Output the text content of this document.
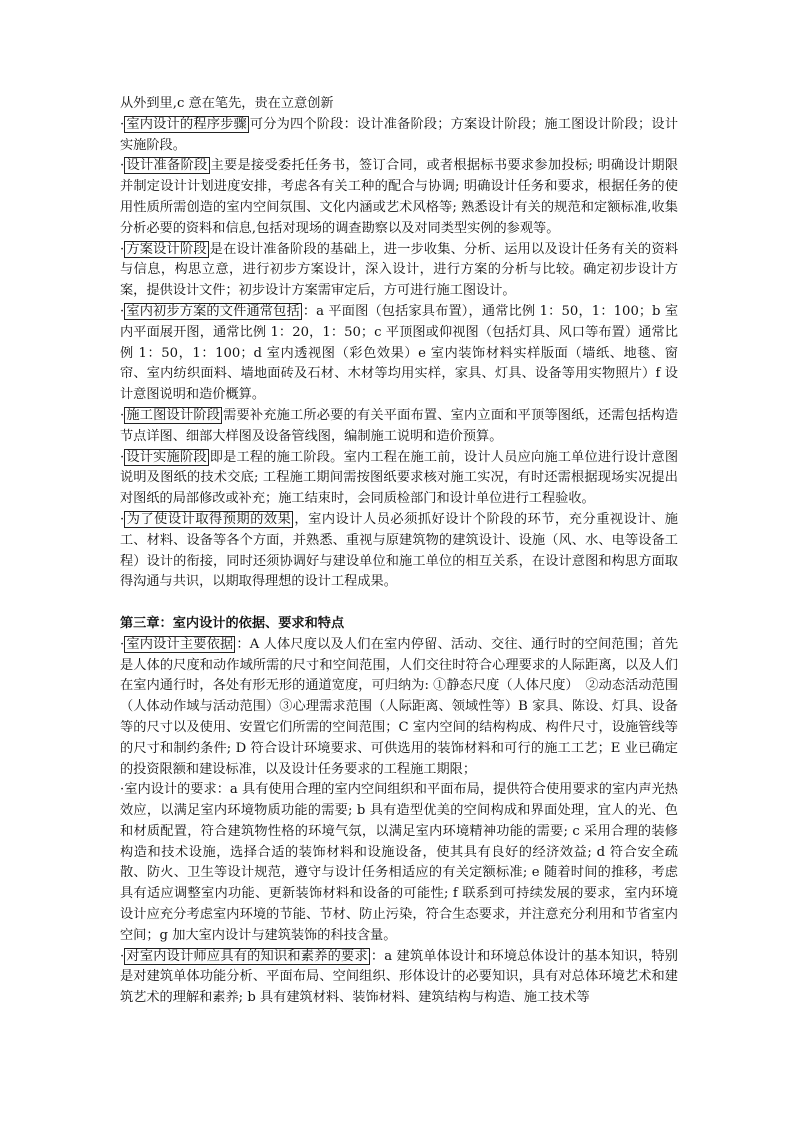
从外到里,c 意在笔先，贵在立意创新
· 室内设计的程序步骤 可分为四个阶段：设计准备阶段；方案设计阶段；施工图设计阶段；设计实施阶段。
· 设计准备阶段 主要是接受委托任务书，签订合同，或者根据标书要求参加投标; 明确设计期限并制定设计计划进度安排，考虑各有关工种的配合与协调; 明确设计任务和要求，根据任务的使用性质所需创造的室内空间氛围、文化内涵或艺术风格等; 熟悉设计有关的规范和定额标准,收集分析必要的资料和信息,包括对现场的调查勘察以及对同类型实例的参观等。
· 方案设计阶段 是在设计准备阶段的基础上，进一步收集、分析、运用以及设计任务有关的资料与信息，构思立意，进行初步方案设计，深入设计，进行方案的分析与比较。确定初步设计方案，提供设计文件；初步设计方案需审定后，方可进行施工图设计。
· 室内初步方案的文件通常包括 ：a 平面图（包括家具布置），通常比例 1：50，1：100；b 室内平面展开图，通常比例 1：20，1：50；c 平顶图或仰视图（包括灯具、风口等布置）通常比例 1：50，1：100；d 室内透视图（彩色效果）e 室内装饰材料实样版面（墙纸、地毯、窗帘、室内纺织面料、墙地面砖及石材、木材等均用实样，家具、灯具、设备等用实物照片）f 设计意图说明和造价概算。
· 施工图设计阶段 需要补充施工所必要的有关平面布置、室内立面和平顶等图纸，还需包括构造节点详图、细部大样图及设备管线图，编制施工说明和造价预算。
· 设计实施阶段 即是工程的施工阶段。室内工程在施工前，设计人员应向施工单位进行设计意图说明及图纸的技术交底; 工程施工期间需按图纸要求核对施工实况，有时还需根据现场实况提出对图纸的局部修改或补充；施工结束时，会同质检部门和设计单位进行工程验收。
· 为了使设计取得预期的效果 ，室内设计人员必须抓好设计个阶段的环节，充分重视设计、施工、材料、设备等各个方面，并熟悉、重视与原建筑物的建筑设计、设施（风、水、电等设备工程）设计的衔接，同时还须协调好与建设单位和施工单位的相互关系，在设计意图和构思方面取得沟通与共识，以期取得理想的设计工程成果。
第三章：室内设计的依据、要求和特点
· 室内设计主要依据 ：A 人体尺度以及人们在室内停留、活动、交往、通行时的空间范围；首先是人体的尺度和动作域所需的尺寸和空间范围，人们交往时符合心理要求的人际距离，以及人们在室内通行时，各处有形无形的通道宽度，可归纳为: ①静态尺度（人体尺度）　②动态活动范围（人体动作域与活动范围）③心理需求范围（人际距离、领域性等）B 家具、陈设、灯具、设备等的尺寸以及使用、安置它们所需的空间范围；C 室内空间的结构构成、构件尺寸，设施管线等的尺寸和制约条件; D 符合设计环境要求、可供选用的装饰材料和可行的施工工艺；E 业已确定的投资限额和建设标准，以及设计任务要求的工程施工期限；
·室内设计的要求：a 具有使用合理的室内空间组织和平面布局，提供符合使用要求的室内声光热效应，以满足室内环境物质功能的需要; b 具有造型优美的空间构成和界面处理，宜人的光、色和材质配置，符合建筑物性格的环境气氛，以满足室内环境精神功能的需要; c 采用合理的装修构造和技术设施，选择合适的装饰材料和设施设备，使其具有良好的经济效益; d 符合安全疏散、防火、卫生等设计规范，遵守与设计任务相适应的有关定额标准; e 随着时间的推移，考虑具有适应调整室内功能、更新装饰材料和设备的可能性; f 联系到可持续发展的要求，室内环境设计应充分考虑室内环境的节能、节材、防止污染，符合生态要求，并注意充分利用和节省室内空间；g 加大室内设计与建筑装饰的科技含量。
· 对室内设计师应具有的知识和素养的要求 ：a 建筑单体设计和环境总体设计的基本知识，特别是对建筑单体功能分析、平面布局、空间组织、形体设计的必要知识，具有对总体环境艺术和建筑艺术的理解和素养; b 具有建筑材料、装饰材料、建筑结构与构造、施工技术等
